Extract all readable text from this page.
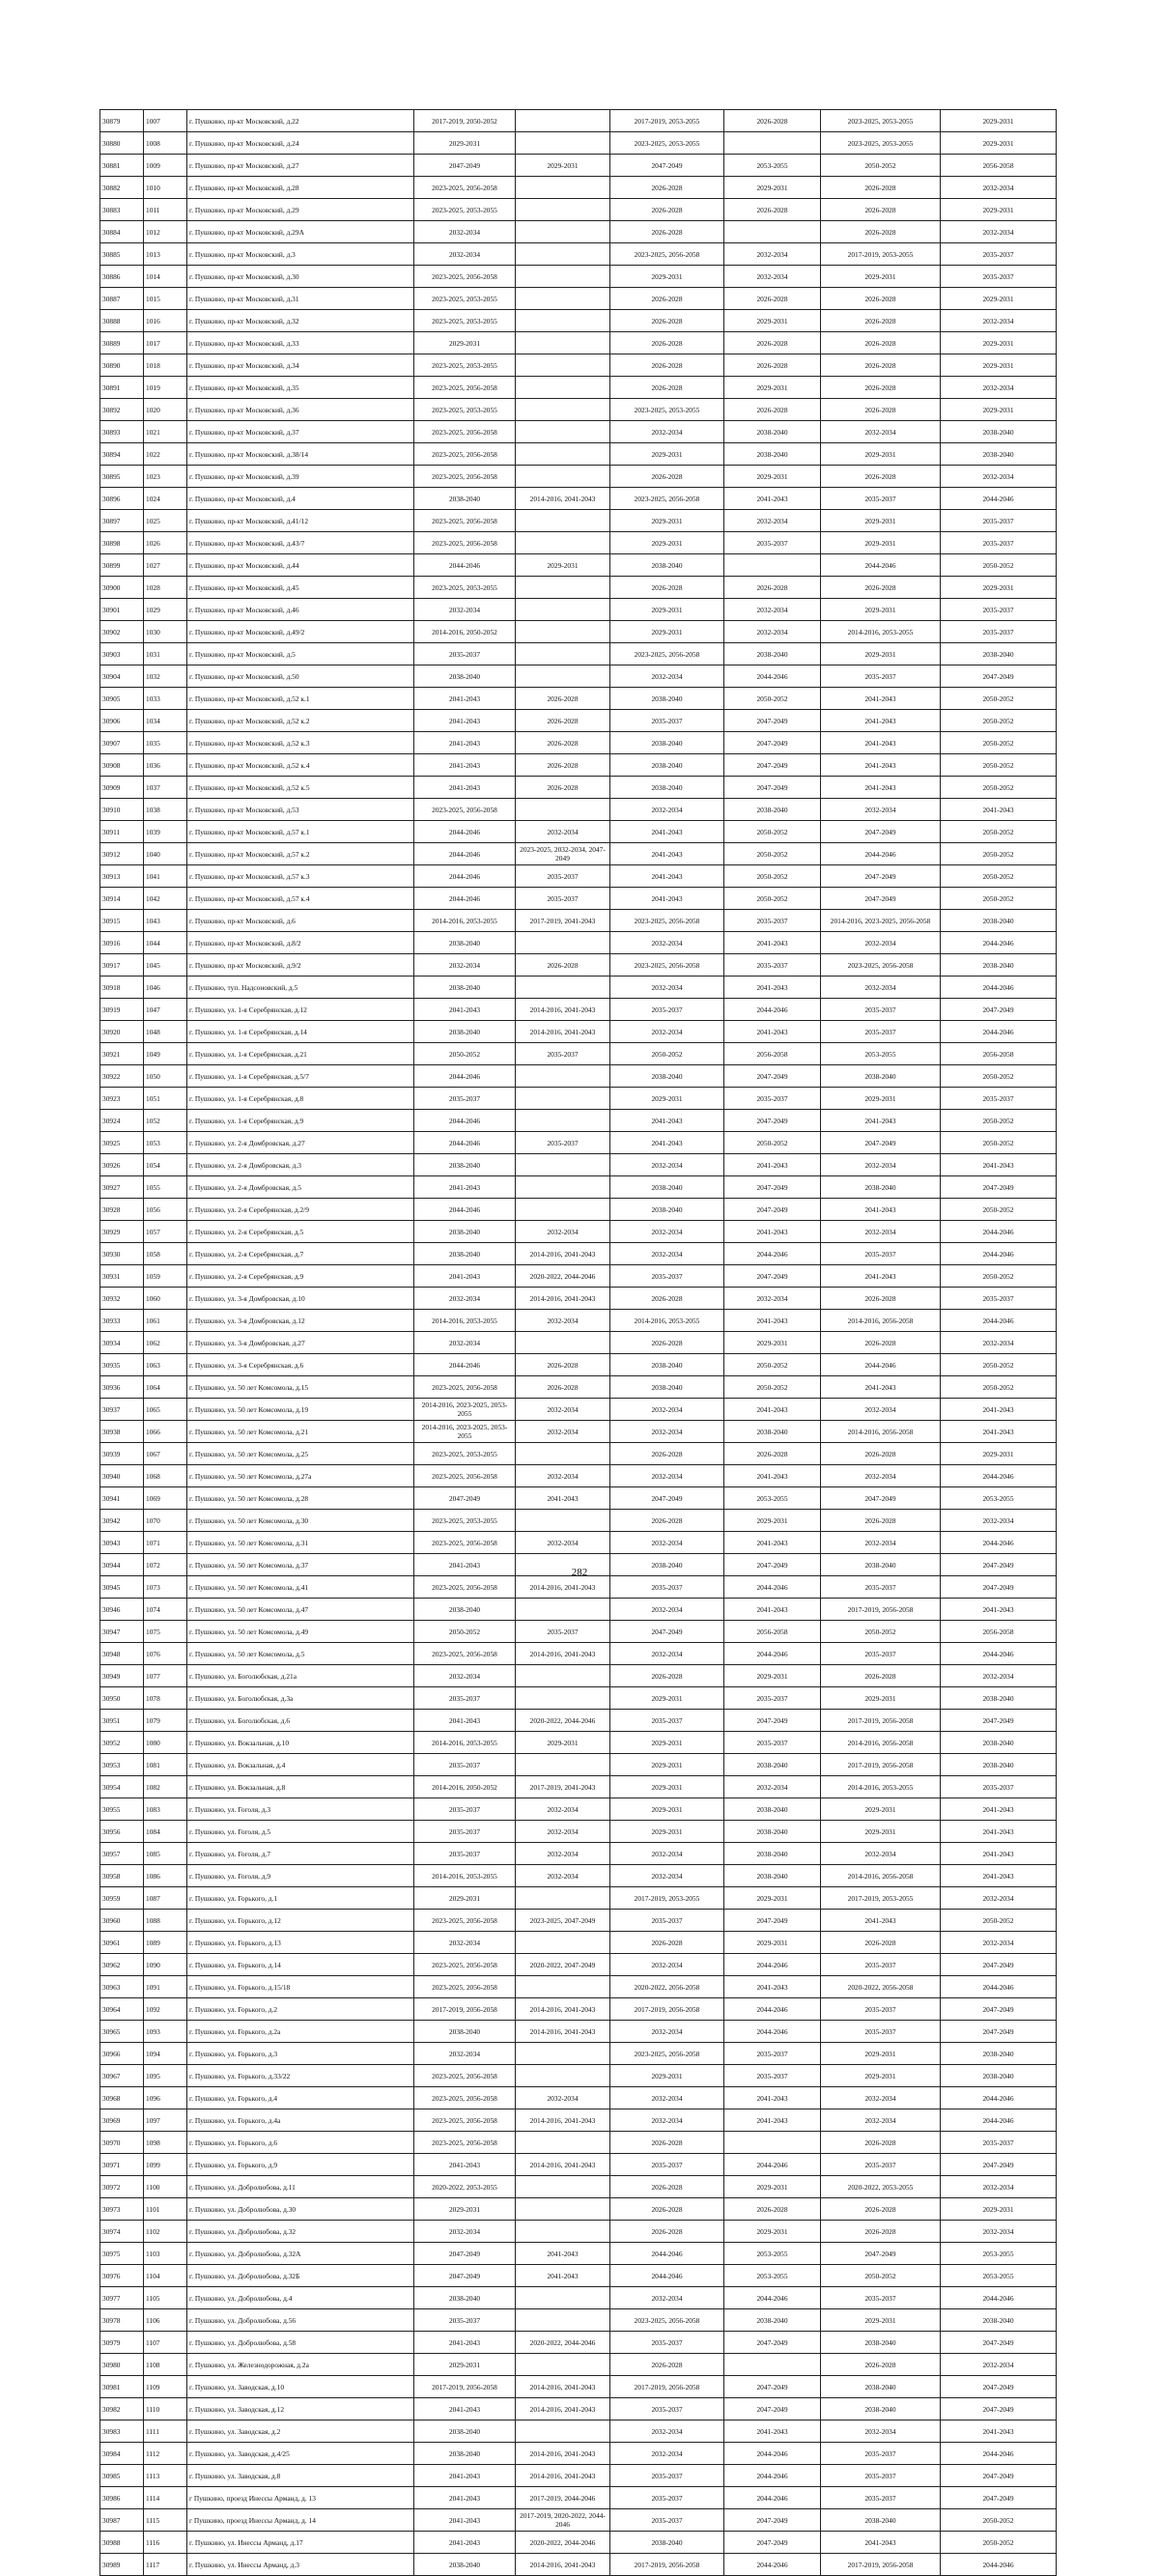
30879	1007	г. Пушкино, пр-кт Московский, д.22	2017-2019, 2050-2052		2017-2019, 2053-2055	2026-2028	2023-2025, 2053-2055	2029-2031
30880	1008	г. Пушкино, пр-кт Московский, д.24	2029-2031		2023-2025, 2053-2055		2023-2025, 2053-2055	2029-2031
30881	1009	г. Пушкино, пр-кт Московский, д.27	2047-2049	2029-2031	2047-2049	2053-2055	2050-2052	2056-2058
30882	1010	г. Пушкино, пр-кт Московский, д.28	2023-2025, 2056-2058		2026-2028	2029-2031	2026-2028	2032-2034
30883	1011	г. Пушкино, пр-кт Московский, д.29	2023-2025, 2053-2055		2026-2028	2026-2028	2026-2028	2029-2031
30884	1012	г. Пушкино, пр-кт Московский, д.29А	2032-2034		2026-2028		2026-2028	2032-2034
30885	1013	г. Пушкино, пр-кт Московский, д.3	2032-2034		2023-2025, 2056-2058	2032-2034	2017-2019, 2053-2055	2035-2037
30886	1014	г. Пушкино, пр-кт Московский, д.30	2023-2025, 2056-2058		2029-2031	2032-2034	2029-2031	2035-2037
30887	1015	г. Пушкино, пр-кт Московский, д.31	2023-2025, 2053-2055		2026-2028	2026-2028	2026-2028	2029-2031
30888	1016	г. Пушкино, пр-кт Московский, д.32	2023-2025, 2053-2055		2026-2028	2029-2031	2026-2028	2032-2034
30889	1017	г. Пушкино, пр-кт Московский, д.33	2029-2031		2026-2028	2026-2028	2026-2028	2029-2031
30890	1018	г. Пушкино, пр-кт Московский, д.34	2023-2025, 2053-2055		2026-2028	2026-2028	2026-2028	2029-2031
30891	1019	г. Пушкино, пр-кт Московский, д.35	2023-2025, 2056-2058		2026-2028	2029-2031	2026-2028	2032-2034
30892	1020	г. Пушкино, пр-кт Московский, д.36	2023-2025, 2053-2055		2023-2025, 2053-2055	2026-2028	2026-2028	2029-2031
30893	1021	г. Пушкино, пр-кт Московский, д.37	2023-2025, 2056-2058		2032-2034	2038-2040	2032-2034	2038-2040
30894	1022	г. Пушкино, пр-кт Московский, д.38/14	2023-2025, 2056-2058		2029-2031	2038-2040	2029-2031	2038-2040
30895	1023	г. Пушкино, пр-кт Московский, д.39	2023-2025, 2056-2058		2026-2028	2029-2031	2026-2028	2032-2034
30896	1024	г. Пушкино, пр-кт Московский, д.4	2038-2040	2014-2016, 2041-2043	2023-2025, 2056-2058	2041-2043	2035-2037	2044-2046
30897	1025	г. Пушкино, пр-кт Московский, д.41/12	2023-2025, 2056-2058		2029-2031	2032-2034	2029-2031	2035-2037
30898	1026	г. Пушкино, пр-кт Московский, д.43/7	2023-2025, 2056-2058		2029-2031	2035-2037	2029-2031	2035-2037
30899	1027	г. Пушкино, пр-кт Московский, д.44	2044-2046	2029-2031	2038-2040		2044-2046	2050-2052
30900	1028	г. Пушкино, пр-кт Московский, д.45	2023-2025, 2053-2055		2026-2028	2026-2028	2026-2028	2029-2031
30901	1029	г. Пушкино, пр-кт Московский, д.46	2032-2034		2029-2031	2032-2034	2029-2031	2035-2037
30902	1030	г. Пушкино, пр-кт Московский, д.49/2	2014-2016, 2050-2052		2029-2031	2032-2034	2014-2016, 2053-2055	2035-2037
30903	1031	г. Пушкино, пр-кт Московский, д.5	2035-2037		2023-2025, 2056-2058	2038-2040	2029-2031	2038-2040
30904	1032	г. Пушкино, пр-кт Московский, д.50	2038-2040		2032-2034	2044-2046	2035-2037	2047-2049
30905	1033	г. Пушкино, пр-кт Московский, д.52 к.1	2041-2043	2026-2028	2038-2040	2050-2052	2041-2043	2050-2052
30906	1034	г. Пушкино, пр-кт Московский, д.52 к.2	2041-2043	2026-2028	2035-2037	2047-2049	2041-2043	2050-2052
30907	1035	г. Пушкино, пр-кт Московский, д.52 к.3	2041-2043	2026-2028	2038-2040	2047-2049	2041-2043	2050-2052
30908	1036	г. Пушкино, пр-кт Московский, д.52 к.4	2041-2043	2026-2028	2038-2040	2047-2049	2041-2043	2050-2052
30909	1037	г. Пушкино, пр-кт Московский, д.52 к.5	2041-2043	2026-2028	2038-2040	2047-2049	2041-2043	2050-2052
30910	1038	г. Пушкино, пр-кт Московский, д.53	2023-2025, 2056-2058		2032-2034	2038-2040	2032-2034	2041-2043
30911	1039	г. Пушкино, пр-кт Московский, д.57 к.1	2044-2046	2032-2034	2041-2043	2050-2052	2047-2049	2050-2052
30912	1040	г. Пушкино, пр-кт Московский, д.57 к.2	2044-2046	2023-2025, 2032-2034, 2047-2049	2041-2043	2050-2052	2044-2046	2050-2052
30913	1041	г. Пушкино, пр-кт Московский, д.57 к.3	2044-2046	2035-2037	2041-2043	2050-2052	2047-2049	2050-2052
30914	1042	г. Пушкино, пр-кт Московский, д.57 к.4	2044-2046	2035-2037	2041-2043	2050-2052	2047-2049	2050-2052
30915	1043	г. Пушкино, пр-кт Московский, д.6	2014-2016, 2053-2055	2017-2019, 2041-2043	2023-2025, 2056-2058	2035-2037	2014-2016, 2023-2025, 2056-2058	2038-2040
30916	1044	г. Пушкино, пр-кт Московский, д.8/2	2038-2040		2032-2034	2041-2043	2032-2034	2044-2046
30917	1045	г. Пушкино, пр-кт Московский, д.9/2	2032-2034	2026-2028	2023-2025, 2056-2058	2035-2037	2023-2025, 2056-2058	2038-2040
30918	1046	г. Пушкино, туп. Надсоновский, д.5	2038-2040		2032-2034	2041-2043	2032-2034	2044-2046
30919	1047	г. Пушкино, ул. 1-я Серебрянская, д.12	2041-2043	2014-2016, 2041-2043	2035-2037	2044-2046	2035-2037	2047-2049
30920	1048	г. Пушкино, ул. 1-я Серебрянская, д.14	2038-2040	2014-2016, 2041-2043	2032-2034	2041-2043	2035-2037	2044-2046
30921	1049	г. Пушкино, ул. 1-я Серебрянская, д.21	2050-2052	2035-2037	2050-2052	2056-2058	2053-2055	2056-2058
30922	1050	г. Пушкино, ул. 1-я Серебрянская, д.5/7	2044-2046		2038-2040	2047-2049	2038-2040	2050-2052
30923	1051	г. Пушкино, ул. 1-я Серебрянская, д.8	2035-2037		2029-2031	2035-2037	2029-2031	2035-2037
30924	1052	г. Пушкино, ул. 1-я Серебрянская, д.9	2044-2046		2041-2043	2047-2049	2041-2043	2050-2052
30925	1053	г. Пушкино, ул. 2-я Домбровская, д.27	2044-2046	2035-2037	2041-2043	2050-2052	2047-2049	2050-2052
30926	1054	г. Пушкино, ул. 2-я Домбровская, д.3	2038-2040		2032-2034	2041-2043	2032-2034	2041-2043
30927	1055	г. Пушкино, ул. 2-я Домбровская, д.5	2041-2043		2038-2040	2047-2049	2038-2040	2047-2049
30928	1056	г. Пушкино, ул. 2-я Серебрянская, д.2/9	2044-2046		2038-2040	2047-2049	2041-2043	2050-2052
30929	1057	г. Пушкино, ул. 2-я Серебрянская, д.5	2038-2040	2032-2034	2032-2034	2041-2043	2032-2034	2044-2046
30930	1058	г. Пушкино, ул. 2-я Серебрянская, д.7	2038-2040	2014-2016, 2041-2043	2032-2034	2044-2046	2035-2037	2044-2046
30931	1059	г. Пушкино, ул. 2-я Серебрянская, д.9	2041-2043	2020-2022, 2044-2046	2035-2037	2047-2049	2041-2043	2050-2052
30932	1060	г. Пушкино, ул. 3-я Домбровская, д.10	2032-2034	2014-2016, 2041-2043	2026-2028	2032-2034	2026-2028	2035-2037
30933	1061	г. Пушкино, ул. 3-я Домбровская, д.12	2014-2016, 2053-2055	2032-2034	2014-2016, 2053-2055	2041-2043	2014-2016, 2056-2058	2044-2046
30934	1062	г. Пушкино, ул. 3-я Домбровская, д.27	2032-2034		2026-2028	2029-2031	2026-2028	2032-2034
30935	1063	г. Пушкино, ул. 3-я Серебрянская, д.6	2044-2046	2026-2028	2038-2040	2050-2052	2044-2046	2050-2052
30936	1064	г. Пушкино, ул. 50 лет Комсомола, д.15	2023-2025, 2056-2058	2026-2028	2038-2040	2050-2052	2041-2043	2050-2052
30937	1065	г. Пушкино, ул. 50 лет Комсомола, д.19	2014-2016, 2023-2025, 2053-2055	2032-2034	2032-2034	2041-2043	2032-2034	2041-2043
30938	1066	г. Пушкино, ул. 50 лет Комсомола, д.21	2014-2016, 2023-2025, 2053-2055	2032-2034	2032-2034	2038-2040	2014-2016, 2056-2058	2041-2043
30939	1067	г. Пушкино, ул. 50 лет Комсомола, д.25	2023-2025, 2053-2055		2026-2028	2026-2028	2026-2028	2029-2031
30940	1068	г. Пушкино, ул. 50 лет Комсомола, д.27а	2023-2025, 2056-2058	2032-2034	2032-2034	2041-2043	2032-2034	2044-2046
30941	1069	г. Пушкино, ул. 50 лет Комсомола, д.28	2047-2049	2041-2043	2047-2049	2053-2055	2047-2049	2053-2055
30942	1070	г. Пушкино, ул. 50 лет Комсомола, д.30	2023-2025, 2053-2055		2026-2028	2029-2031	2026-2028	2032-2034
30943	1071	г. Пушкино, ул. 50 лет Комсомола, д.31	2023-2025, 2056-2058	2032-2034	2032-2034	2041-2043	2032-2034	2044-2046
30944	1072	г. Пушкино, ул. 50 лет Комсомола, д.37	2041-2043		2038-2040	2047-2049	2038-2040	2047-2049
30945	1073	г. Пушкино, ул. 50 лет Комсомола, д.41	2023-2025, 2056-2058	2014-2016, 2041-2043	2035-2037	2044-2046	2035-2037	2047-2049
30946	1074	г. Пушкино, ул. 50 лет Комсомола, д.47	2038-2040		2032-2034	2041-2043	2017-2019, 2056-2058	2041-2043
30947	1075	г. Пушкино, ул. 50 лет Комсомола, д.49	2050-2052	2035-2037	2047-2049	2056-2058	2050-2052	2056-2058
30948	1076	г. Пушкино, ул. 50 лет Комсомола, д.5	2023-2025, 2056-2058	2014-2016, 2041-2043	2032-2034	2044-2046	2035-2037	2044-2046
30949	1077	г. Пушкино, ул. Боголюбская, д.21а	2032-2034		2026-2028	2029-2031	2026-2028	2032-2034
30950	1078	г. Пушкино, ул. Боголюбская, д.3а	2035-2037		2029-2031	2035-2037	2029-2031	2038-2040
30951	1079	г. Пушкино, ул. Боголюбская, д.6	2041-2043	2020-2022, 2044-2046	2035-2037	2047-2049	2017-2019, 2056-2058	2047-2049
30952	1080	г. Пушкино, ул. Вокзальная, д.10	2014-2016, 2053-2055	2029-2031	2029-2031	2035-2037	2014-2016, 2056-2058	2038-2040
30953	1081	г. Пушкино, ул. Вокзальная, д.4	2035-2037		2029-2031	2038-2040	2017-2019, 2056-2058	2038-2040
30954	1082	г. Пушкино, ул. Вокзальная, д.8	2014-2016, 2050-2052	2017-2019, 2041-2043	2029-2031	2032-2034	2014-2016, 2053-2055	2035-2037
30955	1083	г. Пушкино, ул. Гоголя, д.3	2035-2037	2032-2034	2029-2031	2038-2040	2029-2031	2041-2043
30956	1084	г. Пушкино, ул. Гоголя, д.5	2035-2037	2032-2034	2029-2031	2038-2040	2029-2031	2041-2043
30957	1085	г. Пушкино, ул. Гоголя, д.7	2035-2037	2032-2034	2032-2034	2038-2040	2032-2034	2041-2043
30958	1086	г. Пушкино, ул. Гоголя, д.9	2014-2016, 2053-2055	2032-2034	2032-2034	2038-2040	2014-2016, 2056-2058	2041-2043
30959	1087	г. Пушкино, ул. Горького, д.1	2029-2031		2017-2019, 2053-2055	2029-2031	2017-2019, 2053-2055	2032-2034
30960	1088	г. Пушкино, ул. Горького, д.12	2023-2025, 2056-2058	2023-2025, 2047-2049	2035-2037	2047-2049	2041-2043	2050-2052
30961	1089	г. Пушкино, ул. Горького, д.13	2032-2034		2026-2028	2029-2031	2026-2028	2032-2034
30962	1090	г. Пушкино, ул. Горького, д.14	2023-2025, 2056-2058	2020-2022, 2047-2049	2032-2034	2044-2046	2035-2037	2047-2049
30963	1091	г. Пушкино, ул. Горького, д.15/18	2023-2025, 2056-2058		2020-2022, 2056-2058	2041-2043	2020-2022, 2056-2058	2044-2046
30964	1092	г. Пушкино, ул. Горького, д.2	2017-2019, 2056-2058	2014-2016, 2041-2043	2017-2019, 2056-2058	2044-2046	2035-2037	2047-2049
30965	1093	г. Пушкино, ул. Горького, д.2а	2038-2040	2014-2016, 2041-2043	2032-2034	2044-2046	2035-2037	2047-2049
30966	1094	г. Пушкино, ул. Горького, д.3	2032-2034		2023-2025, 2056-2058	2035-2037	2029-2031	2038-2040
30967	1095	г. Пушкино, ул. Горького, д.33/22	2023-2025, 2056-2058		2029-2031	2035-2037	2029-2031	2038-2040
30968	1096	г. Пушкино, ул. Горького, д.4	2023-2025, 2056-2058	2032-2034	2032-2034	2041-2043	2032-2034	2044-2046
30969	1097	г. Пушкино, ул. Горького, д.4а	2023-2025, 2056-2058	2014-2016, 2041-2043	2032-2034	2041-2043	2032-2034	2044-2046
30970	1098	г. Пушкино, ул. Горького, д.6	2023-2025, 2056-2058		2026-2028		2026-2028	2035-2037
30971	1099	г. Пушкино, ул. Горького, д.9	2041-2043	2014-2016, 2041-2043	2035-2037	2044-2046	2035-2037	2047-2049
30972	1100	г. Пушкино, ул. Добролюбова, д.11	2020-2022, 2053-2055		2026-2028	2029-2031	2020-2022, 2053-2055	2032-2034
30973	1101	г. Пушкино, ул. Добролюбова, д.30	2029-2031		2026-2028	2026-2028	2026-2028	2029-2031
30974	1102	г. Пушкино, ул. Добролюбова, д.32	2032-2034		2026-2028	2029-2031	2026-2028	2032-2034
30975	1103	г. Пушкино, ул. Добролюбова, д.32А	2047-2049	2041-2043	2044-2046	2053-2055	2047-2049	2053-2055
30976	1104	г. Пушкино, ул. Добролюбова, д.32Б	2047-2049	2041-2043	2044-2046	2053-2055	2050-2052	2053-2055
30977	1105	г. Пушкино, ул. Добролюбова, д.4	2038-2040		2032-2034	2044-2046	2035-2037	2044-2046
30978	1106	г. Пушкино, ул. Добролюбова, д.56	2035-2037		2023-2025, 2056-2058	2038-2040	2029-2031	2038-2040
30979	1107	г. Пушкино, ул. Добролюбова, д.58	2041-2043	2020-2022, 2044-2046	2035-2037	2047-2049	2038-2040	2047-2049
30980	1108	г. Пушкино, ул. Железнодорожная, д.2а	2029-2031		2026-2028		2026-2028	2032-2034
30981	1109	г. Пушкино, ул. Заводская, д.10	2017-2019, 2056-2058	2014-2016, 2041-2043	2017-2019, 2056-2058	2047-2049	2038-2040	2047-2049
30982	1110	г. Пушкино, ул. Заводская, д.12	2041-2043	2014-2016, 2041-2043	2035-2037	2047-2049	2038-2040	2047-2049
30983	1111	г. Пушкино, ул. Заводская, д.2	2038-2040		2032-2034	2041-2043	2032-2034	2041-2043
30984	1112	г. Пушкино, ул. Заводская, д.4/25	2038-2040	2014-2016, 2041-2043	2032-2034	2044-2046	2035-2037	2044-2046
30985	1113	г. Пушкино, ул. Заводская, д.8	2041-2043	2014-2016, 2041-2043	2035-2037	2044-2046	2035-2037	2047-2049
30986	1114	г Пушкино, проезд Инессы Арманд, д. 13	2041-2043	2017-2019, 2044-2046	2035-2037	2044-2046	2035-2037	2047-2049
30987	1115	г Пушкино, проезд Инессы Арманд, д. 14	2041-2043	2017-2019, 2020-2022, 2044-2046	2035-2037	2047-2049	2038-2040	2050-2052
30988	1116	г. Пушкино, ул. Инессы Арманд, д.17	2041-2043	2020-2022, 2044-2046	2038-2040	2047-2049	2041-2043	2050-2052
30989	1117	г. Пушкино, ул. Инессы Арманд, д.3	2038-2040	2014-2016, 2041-2043	2017-2019, 2056-2058	2044-2046	2017-2019, 2056-2058	2044-2046
282
